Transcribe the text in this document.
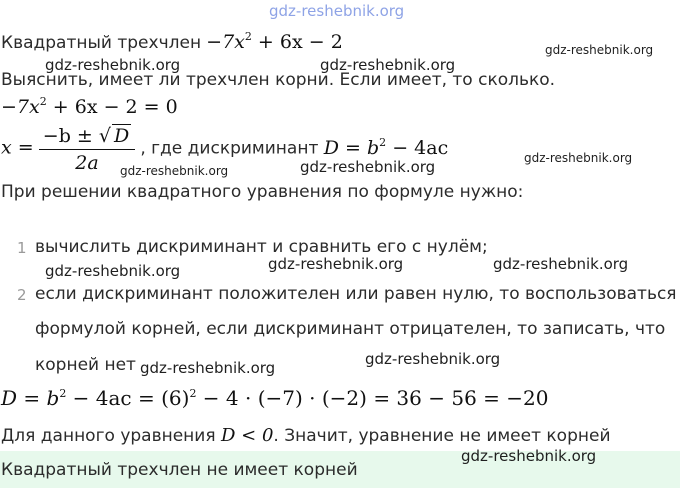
gdz-reshebnik.org
Квадратный трехчлен $-7x^2 + 6x - 2$
gdz-reshebnik.org	gdz-reshebnik.org
gdz-reshebnik.org
Выяснить, имеет ли трехчлен корни. Если имеет, то сколько.
$-7x^2 + 6x - 2 = 0$
$x = \frac{-b \pm √ D}{2a}$ , где дискриминант $D = b^2 - 4ac$
gdz-reshebnik.org	gdz-reshebnik.org	gdz-reshebnik.org
При решении квадратного уравнения по формуле нужно:
1 вычислить дискриминант и сравнить его с нулём;
gdz-reshebnik.org	gdz-reshebnik.org	gdz-reshebnik.org
2 если дискриминант положителен или равен нулю, то воспользоваться
формулой корней, если дискриминант отрицателен, то записать, что
корней нет gdz-reshebnik.org	gdz-reshebnik.org
$D = b^2 - 4ac = (6)^2 - 4 \cdot (-7) \cdot (-2) = 36 - 56 = -20$
Для данного уравнения D < 0. Значит, уравнение не имеет корней
Квадратный трехчлен не имеет корней
gdz-reshebnik.org
